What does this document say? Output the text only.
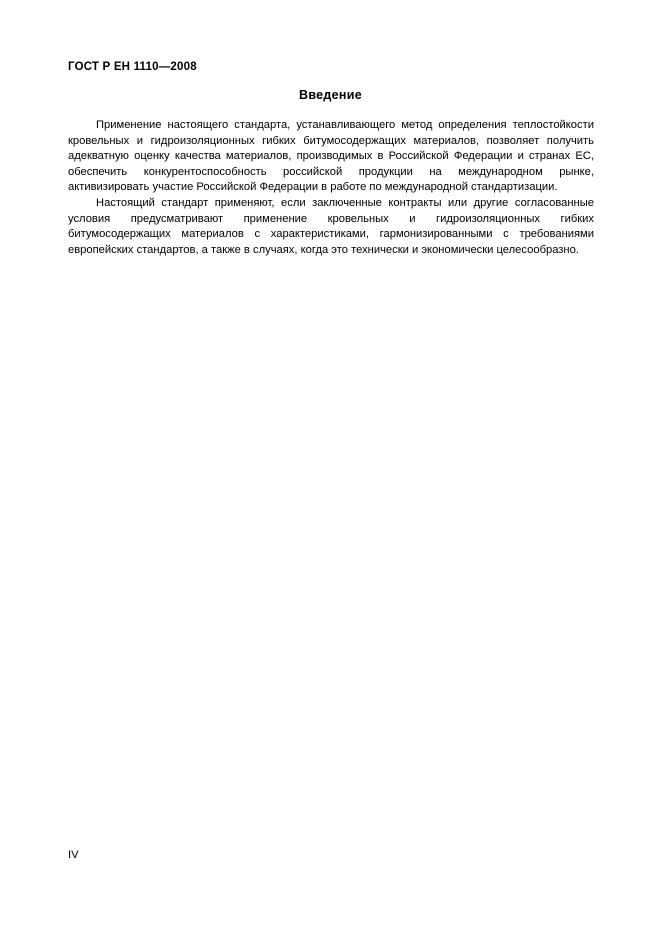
ГОСТ Р ЕН 1110—2008
Введение

Применение настоящего стандарта, устанавливающего метод определения теплостойкости кровельных и гидроизоляционных гибких битумосодержащих материалов, позволяет получить адекватную оценку качества материалов, производимых в Российской Федерации и странах ЕС, обеспечить конкурентоспособность российской продукции на международном рынке, активизировать участие Российской Федерации в работе по международной стандартизации.

Настоящий стандарт применяют, если заключенные контракты или другие согласованные условия предусматривают применение кровельных и гидроизоляционных гибких битумосодержащих материалов с характеристиками, гармонизированными с требованиями европейских стандартов, а также в случаях, когда это технически и экономически целесообразно.

IV
